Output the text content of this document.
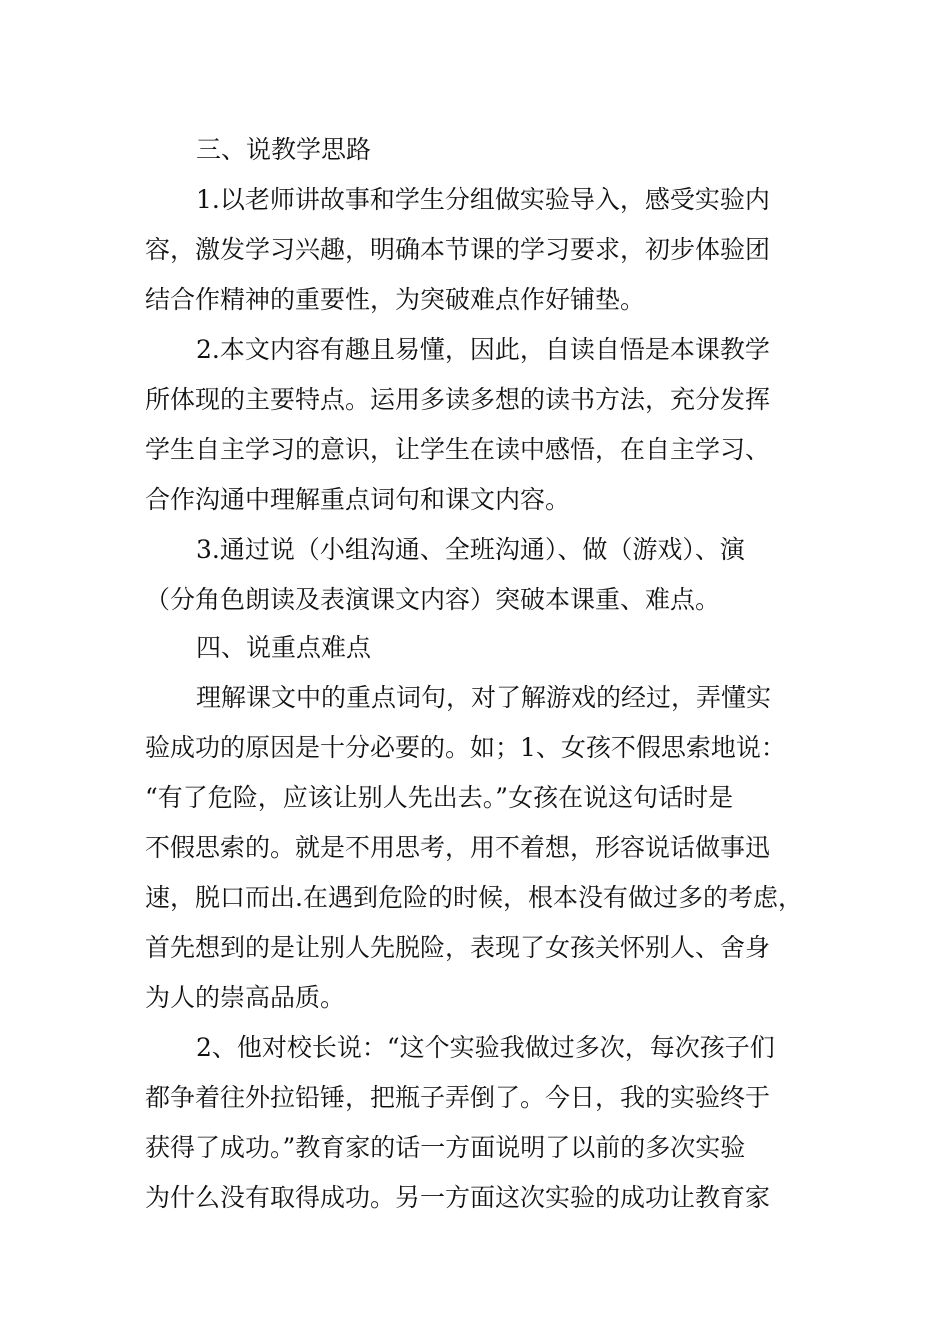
三、说教学思路
1.以老师讲故事和学生分组做实验导入，感受实验内
容，激发学习兴趣，明确本节课的学习要求，初步体验团
结合作精神的重要性，为突破难点作好铺垫。
2.本文内容有趣且易懂，因此，自读自悟是本课教学
所体现的主要特点。运用多读多想的读书方法，充分发挥
学生自主学习的意识，让学生在读中感悟，在自主学习、
合作沟通中理解重点词句和课文内容。
3.通过说（小组沟通、全班沟通）、做（游戏）、演
（分角色朗读及表演课文内容）突破本课重、难点。
四、说重点难点
理解课文中的重点词句，对了解游戏的经过，弄懂实
验成功的原因是十分必要的。如；1、女孩不假思索地说：
“有了危险，应该让别人先出去。”女孩在说这句话时是
不假思索的。就是不用思考，用不着想，形容说话做事迅
速，脱口而出.在遇到危险的时候，根本没有做过多的考虑，
首先想到的是让别人先脱险，表现了女孩关怀别人、舍身
为人的崇高品质。
2、他对校长说：“这个实验我做过多次，每次孩子们
都争着往外拉铅锤，把瓶子弄倒了。今日，我的实验终于
获得了成功。”教育家的话一方面说明了以前的多次实验
为什么没有取得成功。另一方面这次实验的成功让教育家
